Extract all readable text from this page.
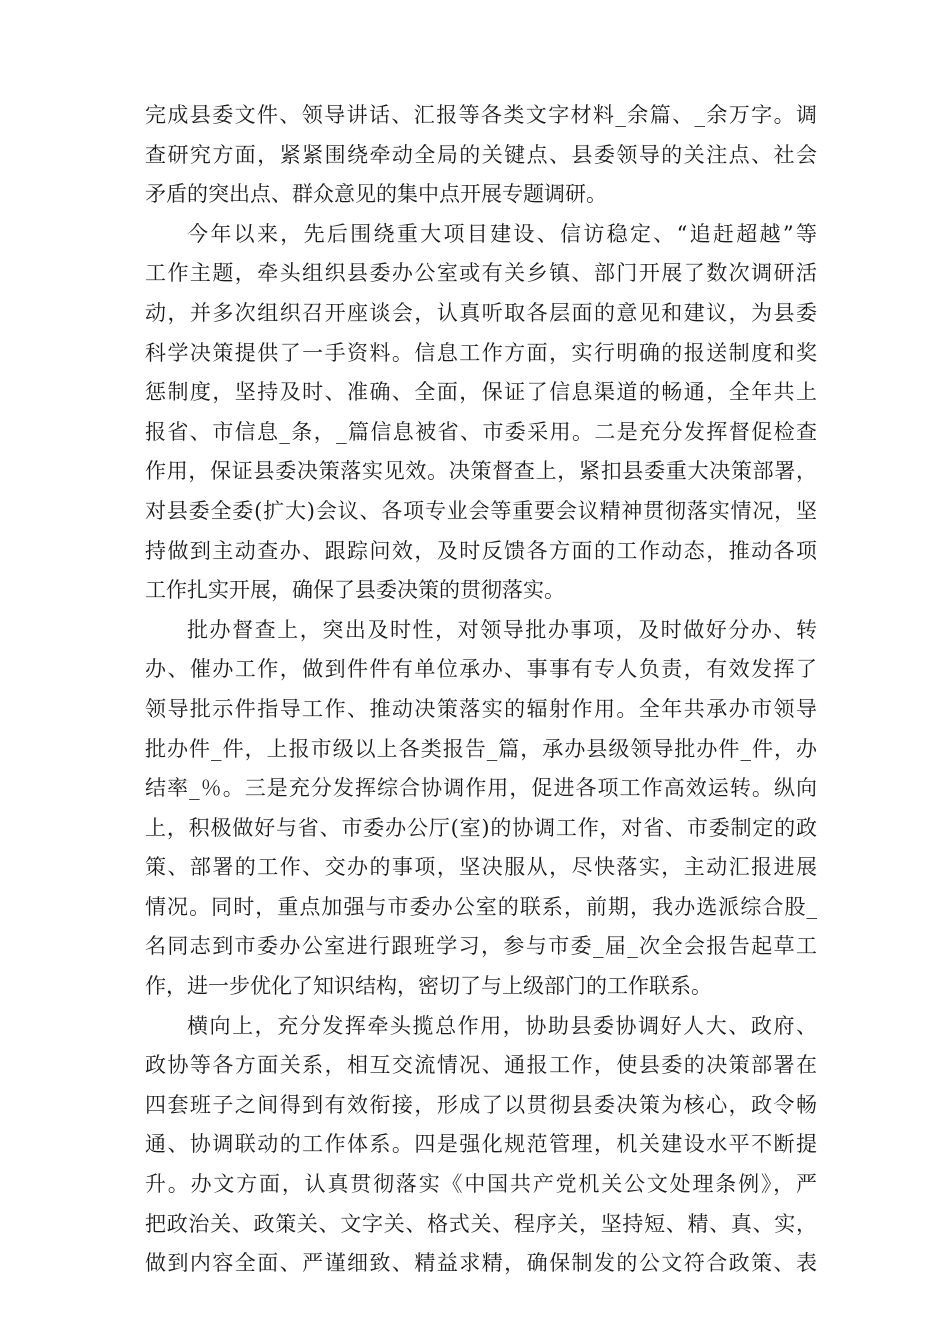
完成县委文件、领导讲话、汇报等各类文字材料_余篇、_余万字。调
查研究方面，紧紧围绕牵动全局的关键点、县委领导的关注点、社会
矛盾的突出点、群众意见的集中点开展专题调研。
今年以来，先后围绕重大项目建设、信访稳定、“追赶超越”等
工作主题，牵头组织县委办公室或有关乡镇、部门开展了数次调研活
动，并多次组织召开座谈会，认真听取各层面的意见和建议，为县委
科学决策提供了一手资料。信息工作方面，实行明确的报送制度和奖
惩制度，坚持及时、准确、全面，保证了信息渠道的畅通，全年共上
报省、市信息_条，_篇信息被省、市委采用。二是充分发挥督促检查
作用，保证县委决策落实见效。决策督查上，紧扣县委重大决策部署，
对县委全委(扩大)会议、各项专业会等重要会议精神贯彻落实情况，坚
持做到主动查办、跟踪问效，及时反馈各方面的工作动态，推动各项
工作扎实开展，确保了县委决策的贯彻落实。
批办督查上，突出及时性，对领导批办事项，及时做好分办、转
办、催办工作，做到件件有单位承办、事事有专人负责，有效发挥了
领导批示件指导工作、推动决策落实的辐射作用。全年共承办市领导
批办件_件，上报市级以上各类报告_篇，承办县级领导批办件_件，办
结率_％。三是充分发挥综合协调作用，促进各项工作高效运转。纵向
上，积极做好与省、市委办公厅(室)的协调工作，对省、市委制定的政
策、部署的工作、交办的事项，坚决服从，尽快落实，主动汇报进展
情况。同时，重点加强与市委办公室的联系，前期，我办选派综合股_
名同志到市委办公室进行跟班学习，参与市委_届_次全会报告起草工
作，进一步优化了知识结构，密切了与上级部门的工作联系。
横向上，充分发挥牵头揽总作用，协助县委协调好人大、政府、
政协等各方面关系，相互交流情况、通报工作，使县委的决策部署在
四套班子之间得到有效衔接，形成了以贯彻县委决策为核心，政令畅
通、协调联动的工作体系。四是强化规范管理，机关建设水平不断提
升。办文方面，认真贯彻落实《中国共产党机关公文处理条例》，严
把政治关、政策关、文字关、格式关、程序关，坚持短、精、真、实，
做到内容全面、严谨细致、精益求精，确保制发的公文符合政策、表
